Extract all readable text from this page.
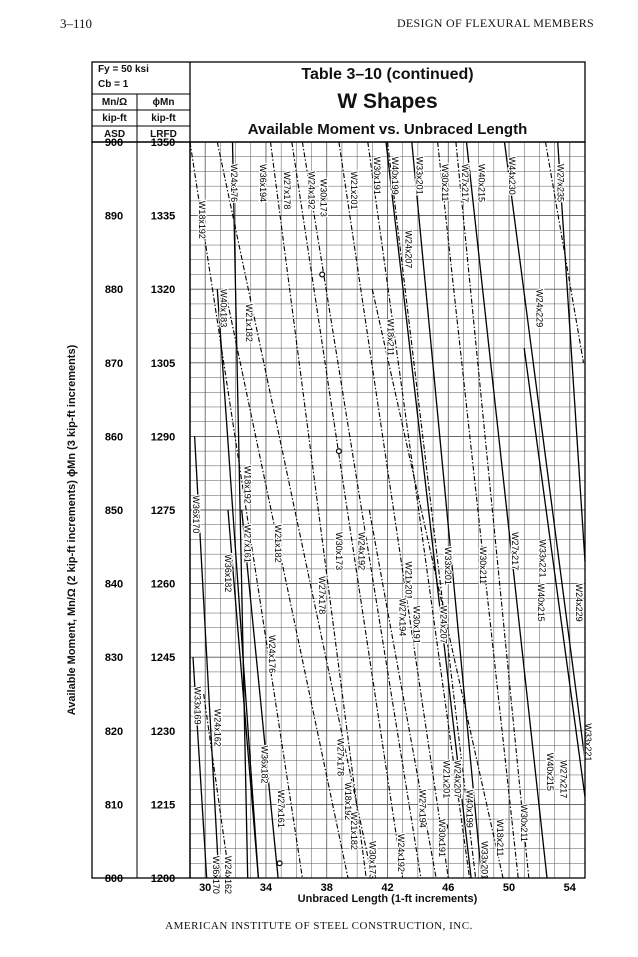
3–110	DESIGN OF FLEXURAL MEMBERS
W18x192
W24x176 W36x194 W27x178 W24x192 W30x173 W21x201 W30x191 W40x199 W33x201
W24x207
W30x211 W27x217 W40x215 W44x230	W27x235
W24x229
W18x211
W40x183 W21x182
W18x192
W36x170
W27x161 W21x182
W36x182
W30x173 W24x192
W27x178
W24x176
W21x201	W33x201	W30x211 W27x217 W33x221
W40x215	W24x229
W30x191 W24x207
W27x194
W33x169
W24x162
W36x182
W27x161
W27x178
W18x192
W21x182
W30x173 W24x192
W27x194
W30x191
W21x201 W24x207
W40x199
W33x201
W18x211 W30x211
W40x215 W27x217
W33x221
W24x162
W36x170
800	1200
810	1215
820	1230
830	1245
840	1260
850	1275
860	1290
870	1305
880	1320
890	1335
900	1350
30	34	38	42	46	50	54
Fy = 50 ksi
Cb = 1
Mn/Ω	ϕMn
kip-ft	kip-ft
ASD	LRFD
Table 3–10 (continued)
W Shapes
Available Moment vs. Unbraced Length
Available Moment, Mn/Ω (2 kip-ft increments) ϕMn (3 kip-ft increments)
Unbraced Length (1-ft increments)
AMERICAN INSTITUTE OF STEEL CONSTRUCTION, INC.
